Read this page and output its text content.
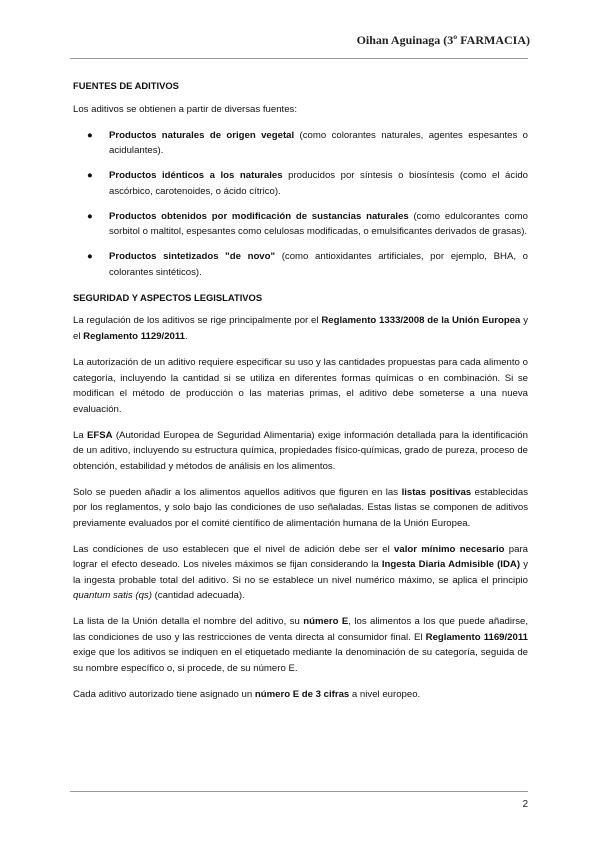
Oihan Aguinaga (3º FARMACIA)
FUENTES DE ADITIVOS

Los aditivos se obtienen a partir de diversas fuentes:

● Productos naturales de origen vegetal (como colorantes naturales, agentes espesantes o acidulantes).
● Productos idénticos a los naturales producidos por síntesis o biosíntesis (como el ácido ascórbico, carotenoides, o ácido cítrico).
● Productos obtenidos por modificación de sustancias naturales (como edulcorantes como sorbitol o maltitol, espesantes como celulosas modificadas, o emulsificantes derivados de grasas).
● Productos sintetizados "de novo" (como antioxidantes artificiales, por ejemplo, BHA, o colorantes sintéticos).
SEGURIDAD Y ASPECTOS LEGISLATIVOS

La regulación de los aditivos se rige principalmente por el Reglamento 1333/2008 de la Unión Europea y el Reglamento 1129/2011.

La autorización de un aditivo requiere especificar su uso y las cantidades propuestas para cada alimento o categoría, incluyendo la cantidad si se utiliza en diferentes formas químicas o en combinación. Si se modifican el método de producción o las materias primas, el aditivo debe someterse a una nueva evaluación.

La EFSA (Autoridad Europea de Seguridad Alimentaria) exige información detallada para la identificación de un aditivo, incluyendo su estructura química, propiedades físico-químicas, grado de pureza, proceso de obtención, estabilidad y métodos de análisis en los alimentos.

Solo se pueden añadir a los alimentos aquellos aditivos que figuren en las listas positivas establecidas por los reglamentos, y solo bajo las condiciones de uso señaladas. Estas listas se componen de aditivos previamente evaluados por el comité científico de alimentación humana de la Unión Europea.

Las condiciones de uso establecen que el nivel de adición debe ser el valor mínimo necesario para lograr el efecto deseado. Los niveles máximos se fijan considerando la Ingesta Diaria Admisible (IDA) y la ingesta probable total del aditivo. Si no se establece un nivel numérico máximo, se aplica el principio quantum satis (qs) (cantidad adecuada).

La lista de la Unión detalla el nombre del aditivo, su número E, los alimentos a los que puede añadirse, las condiciones de uso y las restricciones de venta directa al consumidor final. El Reglamento 1169/2011 exige que los aditivos se indiquen en el etiquetado mediante la denominación de su categoría, seguida de su nombre específico o, si procede, de su número E.

Cada aditivo autorizado tiene asignado un número E de 3 cifras a nivel europeo.

2
